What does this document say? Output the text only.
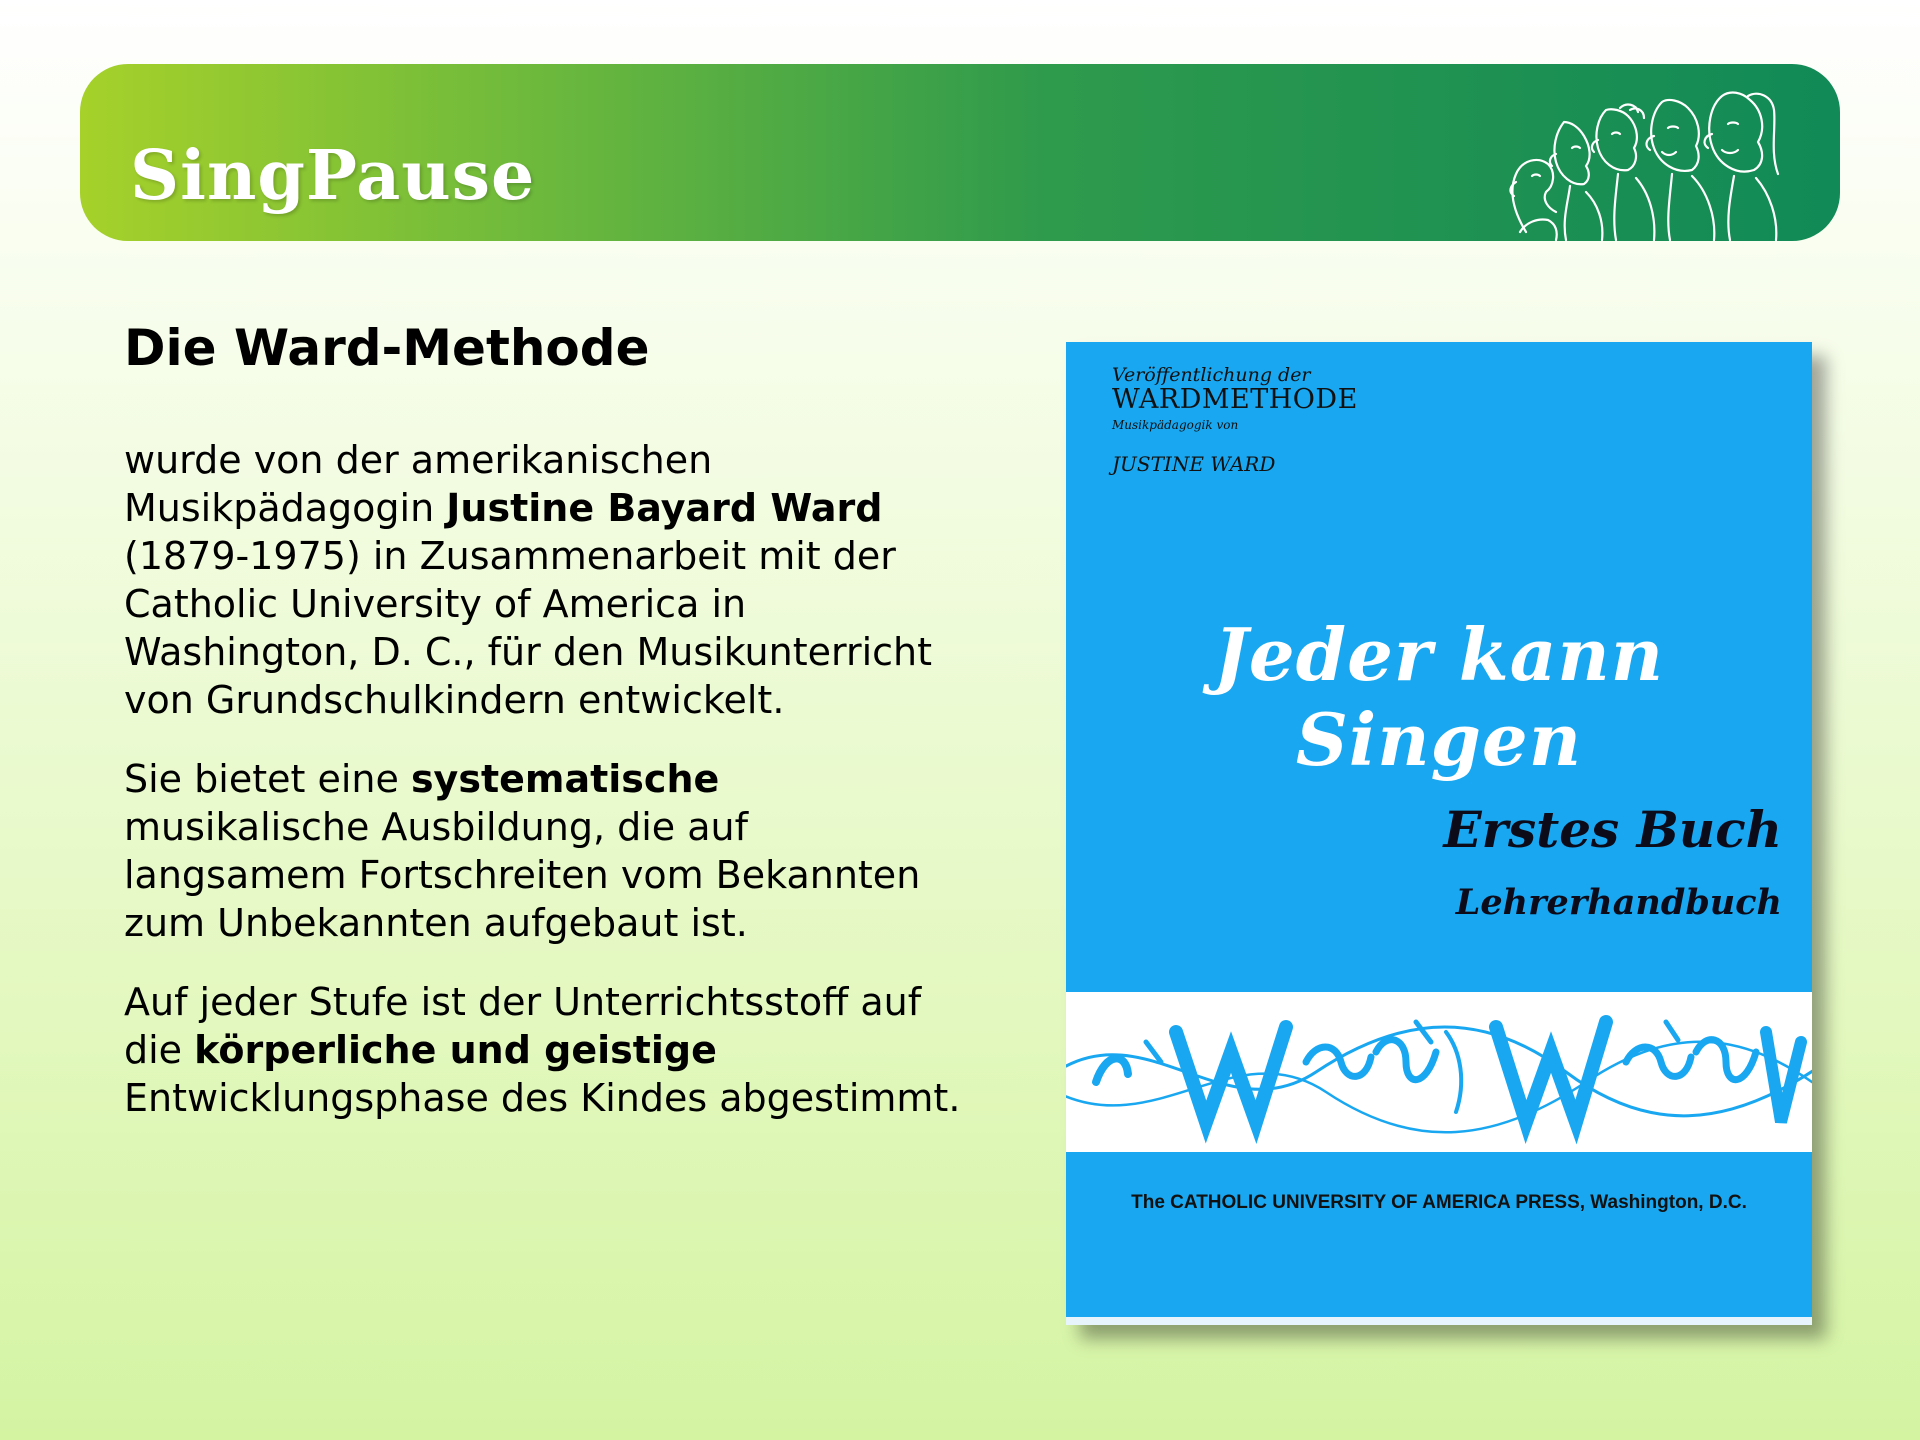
SingPause
Die Ward-Methode

wurde von der amerikanischen Musikpädagogin Justine Bayard Ward (1879-1975) in Zusammenarbeit mit der Catholic University of America in Washington, D. C., für den Musikunterricht von Grundschulkindern entwickelt.

Sie bietet eine systematische musikalische Ausbildung, die auf langsamem Fortschreiten vom Bekannten zum Unbekannten aufgebaut ist.

Auf jeder Stufe ist der Unterrichtsstoff auf die körperliche und geistige Entwicklungsphase des Kindes abgestimmt.

Veröffentlichung der
WARDMETHODE
Musikpädagogik von
JUSTINE WARD
Jeder kann Singen
Erstes Buch
Lehrerhandbuch
The CATHOLIC UNIVERSITY OF AMERICA PRESS, Washington, D.C.
